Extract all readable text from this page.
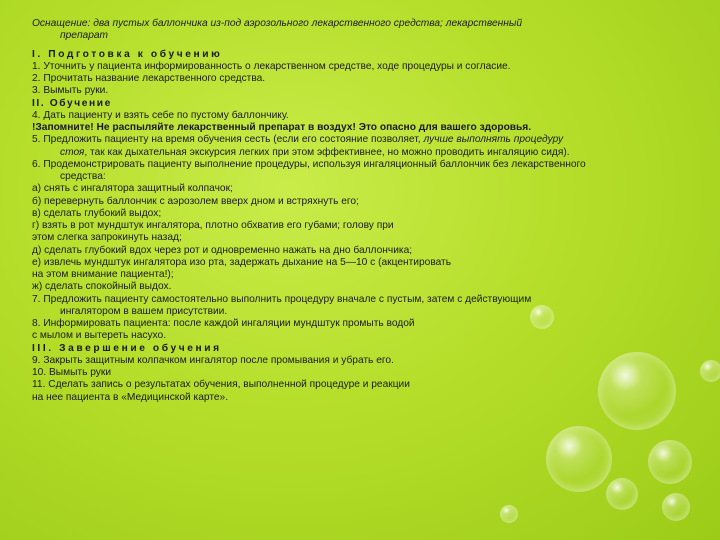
Оснащение: два пустых баллончика из-под аэрозольного лекарственного средства; лекарственный

препарат

I. Подготовка к обучению

1. Уточнить у пациента информированность о лекарственном средстве, ходе процедуры и согласие.

2. Прочитать название лекарственного средства.

3. Вымыть руки.

II. Обучение

4. Дать пациенту и взять себе по пустому баллончику.

!Запомните! Не распыляйте лекарственный препарат в воздух! Это опасно для вашего здоровья.

5. Предложить пациенту на время обучения сесть (если его состояние позволяет, лучше выполнять процедуру

стоя, так как дыхательная экскурсия легких при этом эффективнее, но можно проводить ингаляцию сидя).

6. Продемонстрировать пациенту выполнение процедуры, используя ингаляционный баллончик без лекарственного

средства:

а) снять с ингалятора защитный колпачок;

б) перевернуть баллончик с аэрозолем вверх дном и встряхнуть его;

в) сделать глубокий выдох;

г) взять в рот мундштук ингалятора, плотно обхватив его губами; голову при

этом слегка запрокинуть назад;

д) сделать глубокий вдох через рот и одновременно нажать на дно баллончика;

е) извлечь мундштук ингалятора изо рта, задержать дыхание на 5—10 с (акцентировать

на этом внимание пациента!);

ж) сделать спокойный выдох.

7. Предложить пациенту самостоятельно выполнить процедуру вначале с пустым, затем с действующим

ингалятором в вашем присутствии.

8. Информировать пациента: после каждой ингаляции мундштук промыть водой

с мылом и вытереть насухо.

III. Завершение обучения

9. Закрыть защитным колпачком ингалятор после промывания и убрать его.

10. Вымыть руки

11. Сделать запись о результатах обучения, выполненной процедуре и реакции

на нее пациента в «Медицинской карте».
